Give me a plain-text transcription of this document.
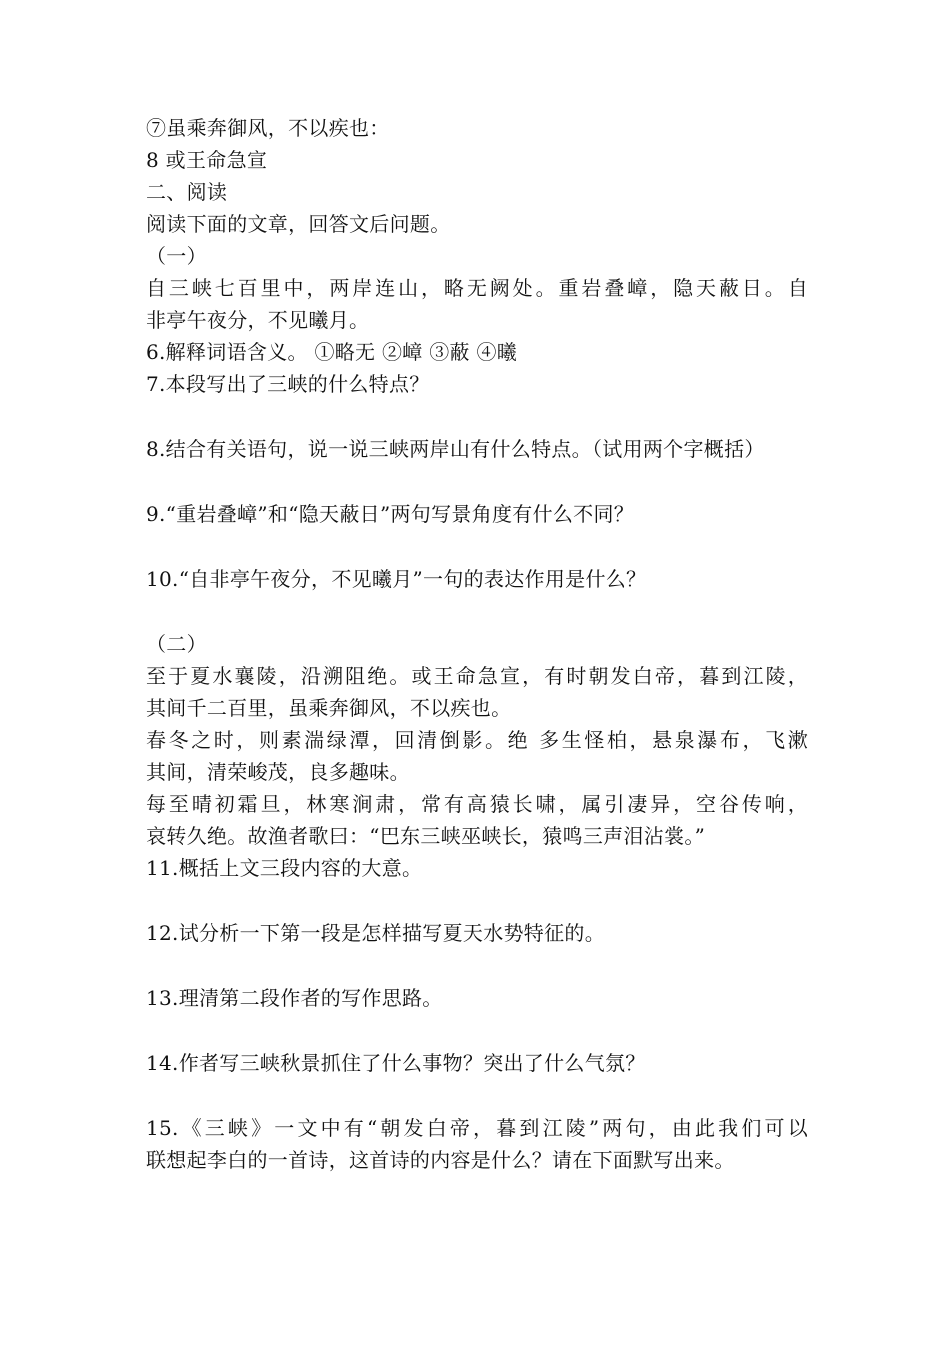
⑦虽乘奔御风，不以疾也：
8 或王命急宣
二、阅读
阅读下面的文章，回答文后问题。
（一）
自三峡七百里中，两岸连山，略无阙处。重岩叠嶂，隐天蔽日。自
非亭午夜分，不见曦月。
6.解释词语含义。 ①略无 ②嶂 ③蔽 ④曦
7.本段写出了三峡的什么特点？
8.结合有关语句，说一说三峡两岸山有什么特点。（试用两个字概括）
9.“重岩叠嶂”和“隐天蔽日”两句写景角度有什么不同？
10.“自非亭午夜分，不见曦月”一句的表达作用是什么？
（二）
至于夏水襄陵，沿溯阻绝。或王命急宣，有时朝发白帝，暮到江陵，
其间千二百里，虽乘奔御风，不以疾也。
春冬之时，则素湍绿潭，回清倒影。绝 多生怪柏，悬泉瀑布，飞漱
其间，清荣峻茂，良多趣味。
每至晴初霜旦，林寒涧肃，常有高猿长啸，属引凄异，空谷传响，
哀转久绝。故渔者歌曰：“巴东三峡巫峡长，猿鸣三声泪沾裳。”
11.概括上文三段内容的大意。
12.试分析一下第一段是怎样描写夏天水势特征的。
13.理清第二段作者的写作思路。
14.作者写三峡秋景抓住了什么事物？突出了什么气氛？
15.《三峡》一文中有“朝发白帝，暮到江陵”两句，由此我们可以
联想起李白的一首诗，这首诗的内容是什么？请在下面默写出来。
